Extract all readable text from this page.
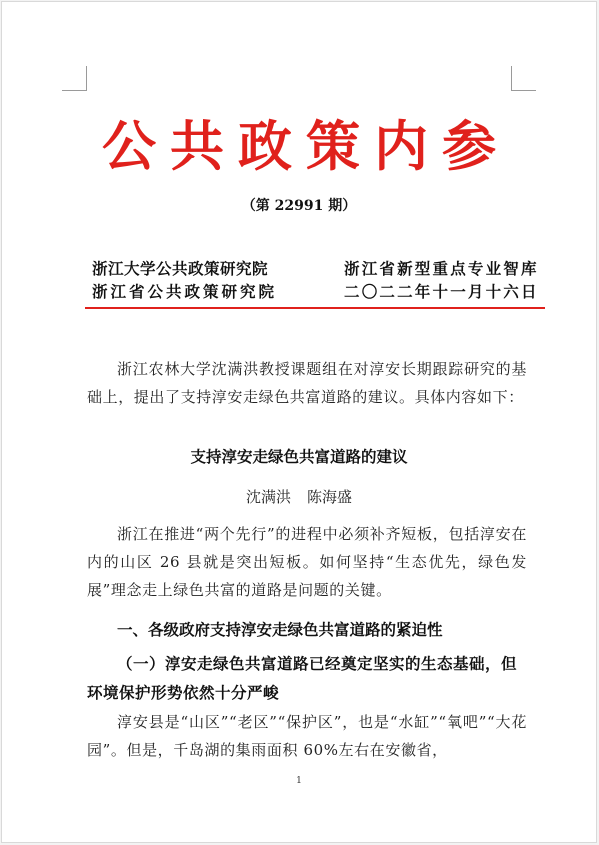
公共政策内参
（第 22991 期）
浙江大学公共政策研究院
浙江省公共政策研究院
浙江省新型重点专业智库
二〇二二年十一月十六日
浙江农林大学沈满洪教授课题组在对淳安长期跟踪研究的基础上，提出了支持淳安走绿色共富道路的建议。具体内容如下：
支持淳安走绿色共富道路的建议
沈满洪 陈海盛
浙江在推进“两个先行”的进程中必须补齐短板，包括淳安在内的山区 26 县就是突出短板。如何坚持“生态优先，绿色发展”理念走上绿色共富的道路是问题的关键。
一、各级政府支持淳安走绿色共富道路的紧迫性
（一）淳安走绿色共富道路已经奠定坚实的生态基础，但环境保护形势依然十分严峻
淳安县是“山区”“老区”“保护区”，也是“水缸”“氧吧”“大花园”。但是，千岛湖的集雨面积 60%左右在安徽省，
1
